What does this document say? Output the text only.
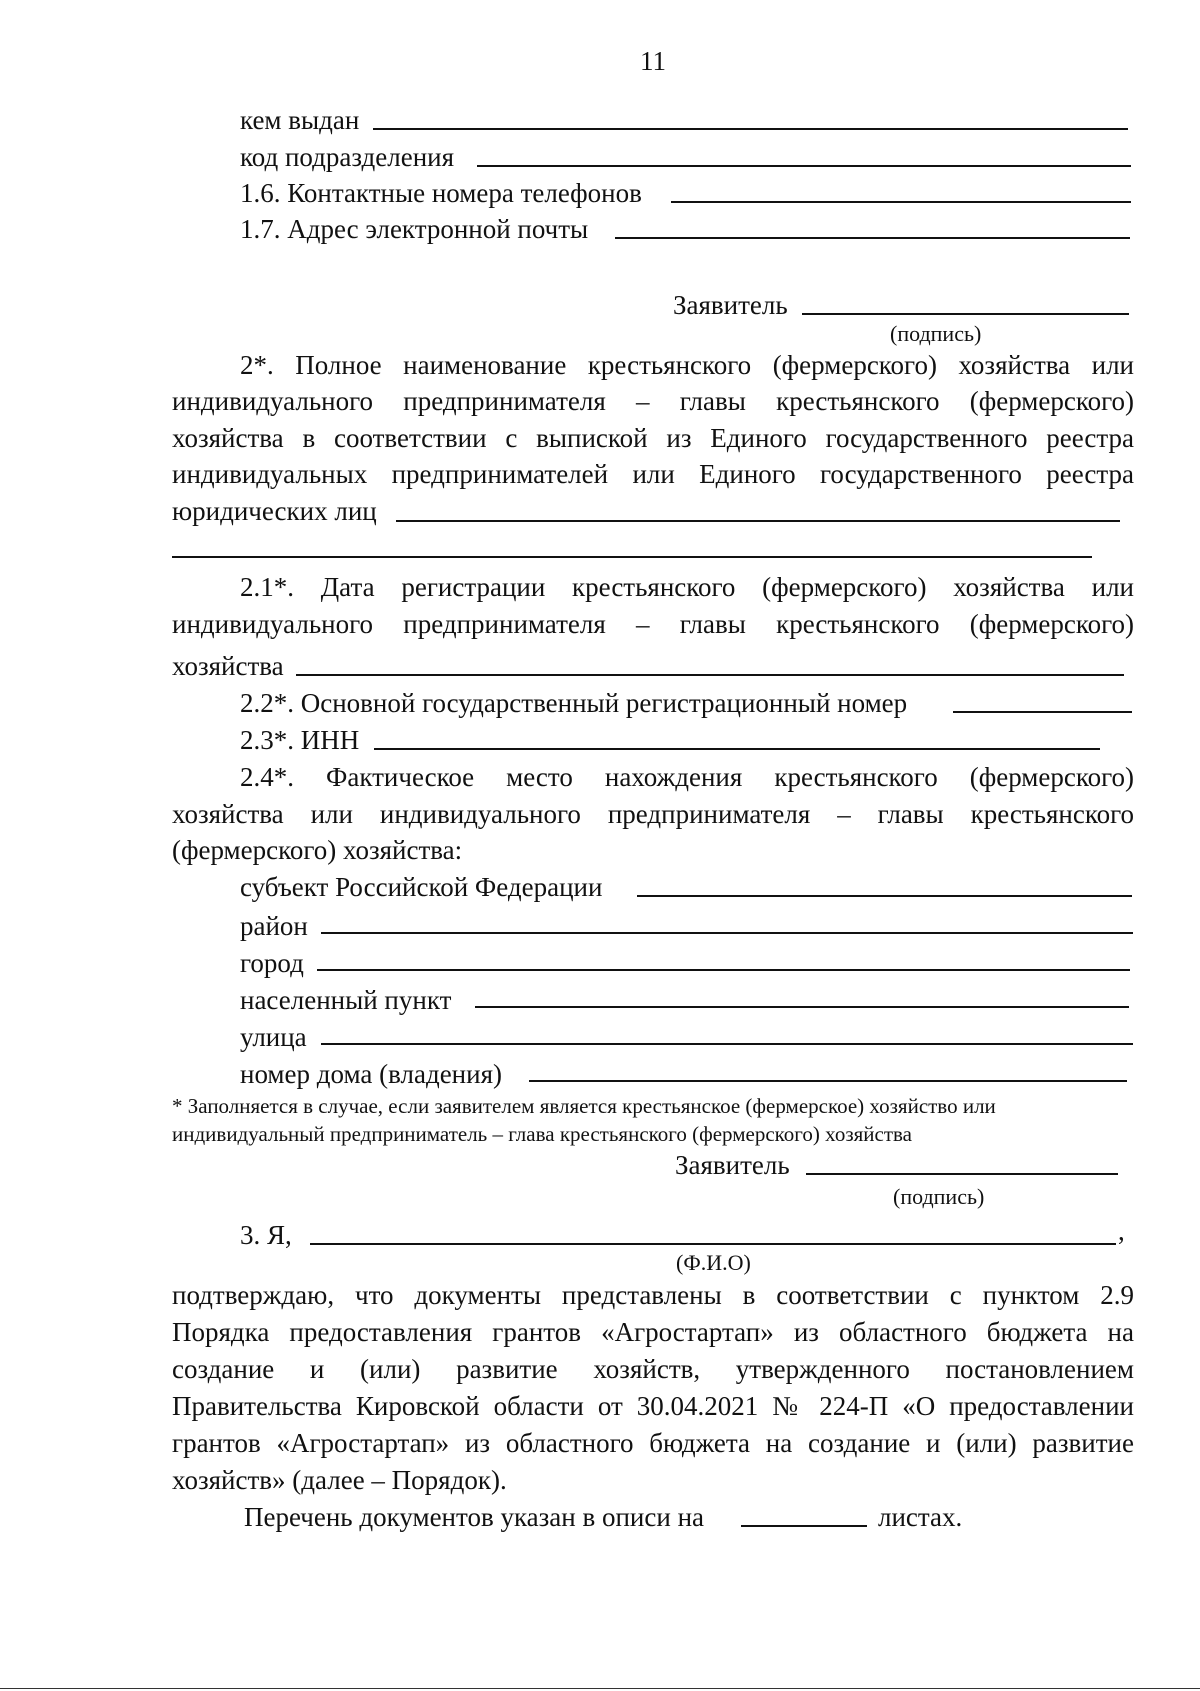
11
кем выдан
код подразделения
1.6. Контактные номера телефонов
1.7. Адрес электронной почты
Заявитель
(подпись)
2*. Полное наименование крестьянского (фермерского) хозяйства или
индивидуального предпринимателя – главы крестьянского (фермерского)
хозяйства в соответствии с выпиской из Единого государственного реестра
индивидуальных предпринимателей или Единого государственного реестра
юридических лиц
2.1*. Дата регистрации крестьянского (фермерского) хозяйства или
индивидуального предпринимателя – главы крестьянского (фермерского)
хозяйства
2.2*. Основной государственный регистрационный номер
2.3*. ИНН
2.4*. Фактическое место нахождения крестьянского (фермерского)
хозяйства или индивидуального предпринимателя – главы крестьянского
(фермерского) хозяйства:
субъект Российской Федерации
район
город
населенный пункт
улица
номер дома (владения)
* Заполняется в случае, если заявителем является крестьянское (фермерское) хозяйство или
индивидуальный предприниматель – глава крестьянского (фермерского) хозяйства
Заявитель
(подпись)
3. Я,	,
(Ф.И.О)
подтверждаю, что документы представлены в соответствии с пунктом 2.9
Порядка предоставления грантов «Агростартап» из областного бюджета на
создание и (или) развитие хозяйств, утвержденного постановлением
Правительства Кировской области от 30.04.2021 № 224-П «О предоставлении
грантов «Агростартап» из областного бюджета на создание и (или) развитие
хозяйств» (далее – Порядок).
Перечень документов указан в описи на	листах.
